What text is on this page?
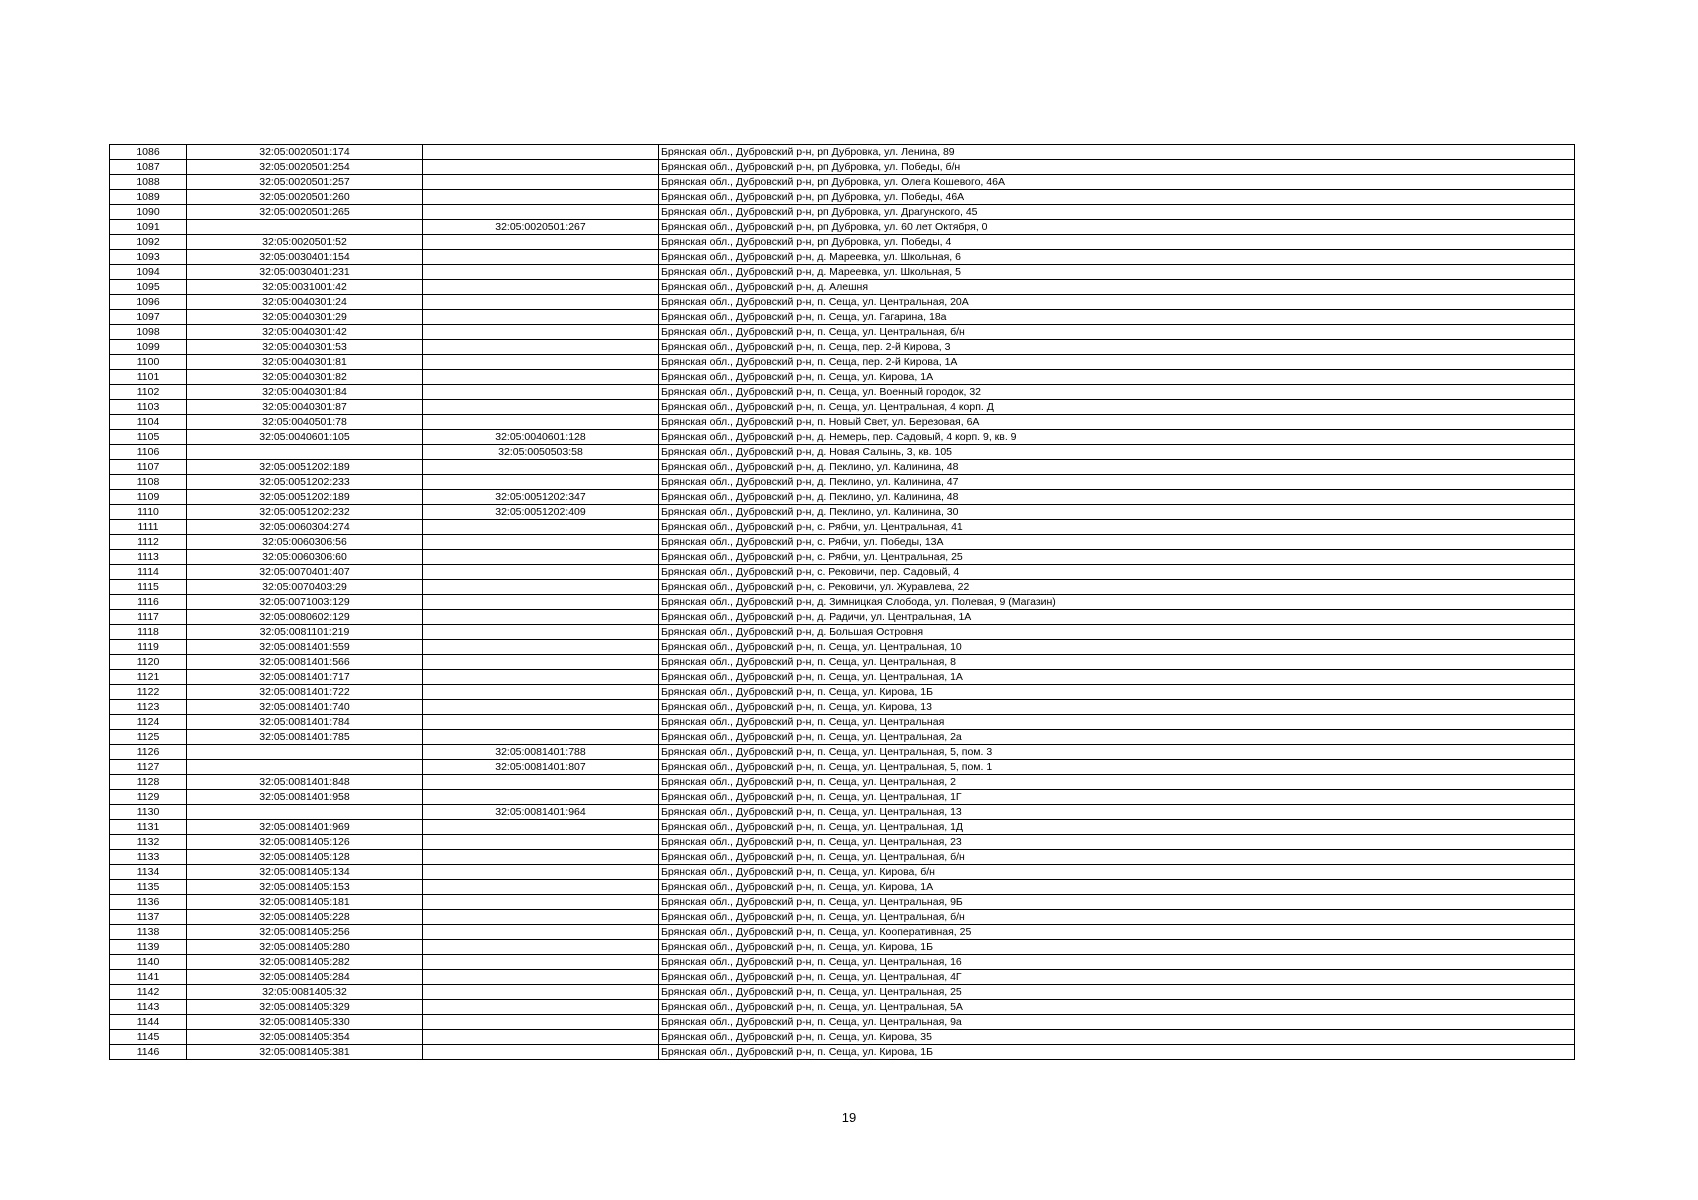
1086	32:05:0020501:174		Брянская обл., Дубровский р-н, рп Дубровка, ул. Ленина, 89
1087	32:05:0020501:254		Брянская обл., Дубровский р-н, рп Дубровка, ул. Победы, б/н
1088	32:05:0020501:257		Брянская обл., Дубровский р-н, рп Дубровка, ул. Олега Кошевого, 46А
1089	32:05:0020501:260		Брянская обл., Дубровский р-н, рп Дубровка, ул. Победы, 46А
1090	32:05:0020501:265		Брянская обл., Дубровский р-н, рп Дубровка, ул. Драгунского, 45
1091		32:05:0020501:267	Брянская обл., Дубровский р-н, рп Дубровка, ул. 60 лет Октября, 0
1092	32:05:0020501:52		Брянская обл., Дубровский р-н, рп Дубровка, ул. Победы, 4
1093	32:05:0030401:154		Брянская обл., Дубровский р-н, д. Мареевка, ул. Школьная, 6
1094	32:05:0030401:231		Брянская обл., Дубровский р-н, д. Мареевка, ул. Школьная, 5
1095	32:05:0031001:42		Брянская обл., Дубровский р-н, д. Алешня
1096	32:05:0040301:24		Брянская обл., Дубровский р-н, п. Сеща, ул. Центральная, 20А
1097	32:05:0040301:29		Брянская обл., Дубровский р-н, п. Сеща, ул. Гагарина, 18а
1098	32:05:0040301:42		Брянская обл., Дубровский р-н, п. Сеща, ул. Центральная, б/н
1099	32:05:0040301:53		Брянская обл., Дубровский р-н, п. Сеща, пер. 2-й Кирова, 3
1100	32:05:0040301:81		Брянская обл., Дубровский р-н, п. Сеща, пер. 2-й Кирова, 1А
1101	32:05:0040301:82		Брянская обл., Дубровский р-н, п. Сеща, ул. Кирова, 1А
1102	32:05:0040301:84		Брянская обл., Дубровский р-н, п. Сеща, ул. Военный городок, 32
1103	32:05:0040301:87		Брянская обл., Дубровский р-н, п. Сеща, ул. Центральная, 4 корп. Д
1104	32:05:0040501:78		Брянская обл., Дубровский р-н, п. Новый Свет, ул. Березовая, 6А
1105	32:05:0040601:105	32:05:0040601:128	Брянская обл., Дубровский р-н, д. Немерь, пер. Садовый, 4 корп. 9, кв. 9
1106		32:05:0050503:58	Брянская обл., Дубровский р-н, д. Новая Салынь, 3, кв. 105
1107	32:05:0051202:189		Брянская обл., Дубровский р-н, д. Пеклино, ул. Калинина, 48
1108	32:05:0051202:233		Брянская обл., Дубровский р-н, д. Пеклино, ул. Калинина, 47
1109	32:05:0051202:189	32:05:0051202:347	Брянская обл., Дубровский р-н, д. Пеклино, ул. Калинина, 48
1110	32:05:0051202:232	32:05:0051202:409	Брянская обл., Дубровский р-н, д. Пеклино, ул. Калинина, 30
1111	32:05:0060304:274		Брянская обл., Дубровский р-н, с. Рябчи, ул. Центральная, 41
1112	32:05:0060306:56		Брянская обл., Дубровский р-н, с. Рябчи, ул. Победы, 13А
1113	32:05:0060306:60		Брянская обл., Дубровский р-н, с. Рябчи, ул. Центральная, 25
1114	32:05:0070401:407		Брянская обл., Дубровский р-н, с. Рековичи, пер. Садовый, 4
1115	32:05:0070403:29		Брянская обл., Дубровский р-н, с. Рековичи, ул. Журавлева, 22
1116	32:05:0071003:129		Брянская обл., Дубровский р-н, д. Зимницкая Слобода, ул. Полевая, 9 (Магазин)
1117	32:05:0080602:129		Брянская обл., Дубровский р-н, д. Радичи, ул. Центральная, 1А
1118	32:05:0081101:219		Брянская обл., Дубровский р-н, д. Большая Островня
1119	32:05:0081401:559		Брянская обл., Дубровский р-н, п. Сеща, ул. Центральная, 10
1120	32:05:0081401:566		Брянская обл., Дубровский р-н, п. Сеща, ул. Центральная, 8
1121	32:05:0081401:717		Брянская обл., Дубровский р-н, п. Сеща, ул. Центральная, 1А
1122	32:05:0081401:722		Брянская обл., Дубровский р-н, п. Сеща, ул. Кирова, 1Б
1123	32:05:0081401:740		Брянская обл., Дубровский р-н, п. Сеща, ул. Кирова, 13
1124	32:05:0081401:784		Брянская обл., Дубровский р-н, п. Сеща, ул. Центральная
1125	32:05:0081401:785		Брянская обл., Дубровский р-н, п. Сеща, ул. Центральная, 2а
1126		32:05:0081401:788	Брянская обл., Дубровский р-н, п. Сеща, ул. Центральная, 5, пом. 3
1127		32:05:0081401:807	Брянская обл., Дубровский р-н, п. Сеща, ул. Центральная, 5, пом. 1
1128	32:05:0081401:848		Брянская обл., Дубровский р-н, п. Сеща, ул. Центральная, 2
1129	32:05:0081401:958		Брянская обл., Дубровский р-н, п. Сеща, ул. Центральная, 1Г
1130		32:05:0081401:964	Брянская обл., Дубровский р-н, п. Сеща, ул. Центральная, 13
1131	32:05:0081401:969		Брянская обл., Дубровский р-н, п. Сеща, ул. Центральная, 1Д
1132	32:05:0081405:126		Брянская обл., Дубровский р-н, п. Сеща, ул. Центральная, 23
1133	32:05:0081405:128		Брянская обл., Дубровский р-н, п. Сеща, ул. Центральная, б/н
1134	32:05:0081405:134		Брянская обл., Дубровский р-н, п. Сеща, ул. Кирова, б/н
1135	32:05:0081405:153		Брянская обл., Дубровский р-н, п. Сеща, ул. Кирова, 1А
1136	32:05:0081405:181		Брянская обл., Дубровский р-н, п. Сеща, ул. Центральная, 9Б
1137	32:05:0081405:228		Брянская обл., Дубровский р-н, п. Сеща, ул. Центральная, б/н
1138	32:05:0081405:256		Брянская обл., Дубровский р-н, п. Сеща, ул. Кооперативная, 25
1139	32:05:0081405:280		Брянская обл., Дубровский р-н, п. Сеща, ул. Кирова, 1Б
1140	32:05:0081405:282		Брянская обл., Дубровский р-н, п. Сеща, ул. Центральная, 16
1141	32:05:0081405:284		Брянская обл., Дубровский р-н, п. Сеща, ул. Центральная, 4Г
1142	32:05:0081405:32		Брянская обл., Дубровский р-н, п. Сеща, ул. Центральная, 25
1143	32:05:0081405:329		Брянская обл., Дубровский р-н, п. Сеща, ул. Центральная, 5А
1144	32:05:0081405:330		Брянская обл., Дубровский р-н, п. Сеща, ул. Центральная, 9а
1145	32:05:0081405:354		Брянская обл., Дубровский р-н, п. Сеща, ул. Кирова, 35
1146	32:05:0081405:381		Брянская обл., Дубровский р-н, п. Сеща, ул. Кирова, 1Б
19
